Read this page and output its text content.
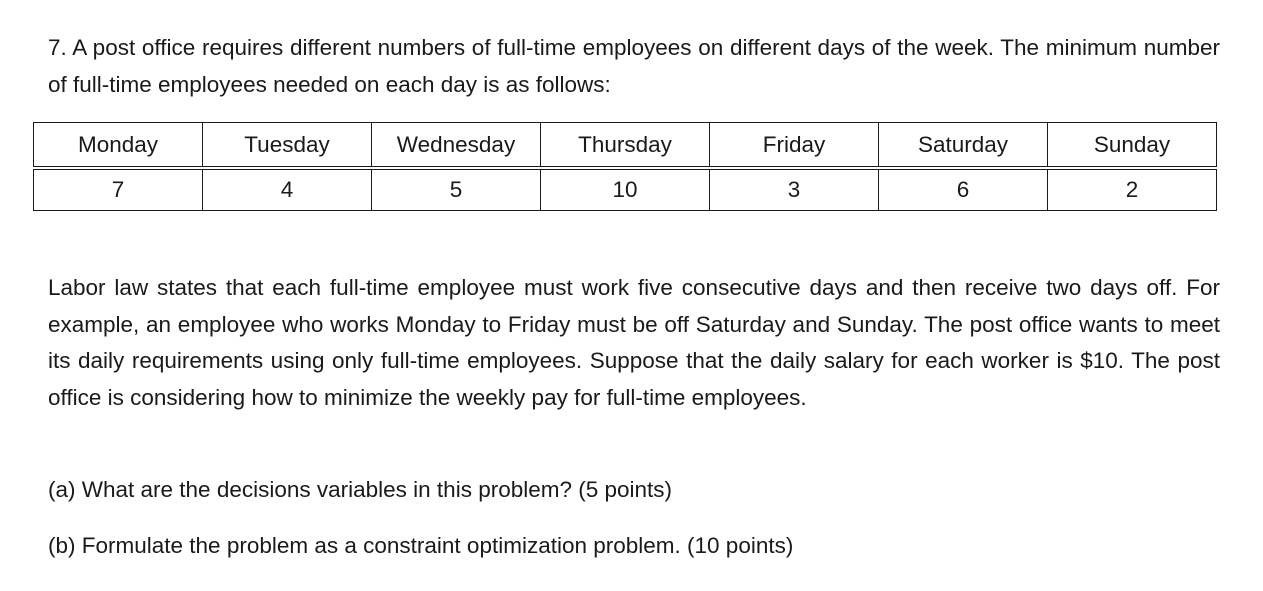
7. A post office requires different numbers of full-time employees on different days of the week. The minimum number of full-time employees needed on each day is as follows:

Monday	Tuesday	Wednesday	Thursday	Friday	Saturday	Sunday
7	4	5	10	3	6	2

Labor law states that each full-time employee must work five consecutive days and then receive two days off. For example, an employee who works Monday to Friday must be off Saturday and Sunday. The post office wants to meet its daily requirements using only full-time employees. Suppose that the daily salary for each worker is $10. The post office is considering how to minimize the weekly pay for full-time employees.

(a) What are the decisions variables in this problem? (5 points)

(b) Formulate the problem as a constraint optimization problem. (10 points)
